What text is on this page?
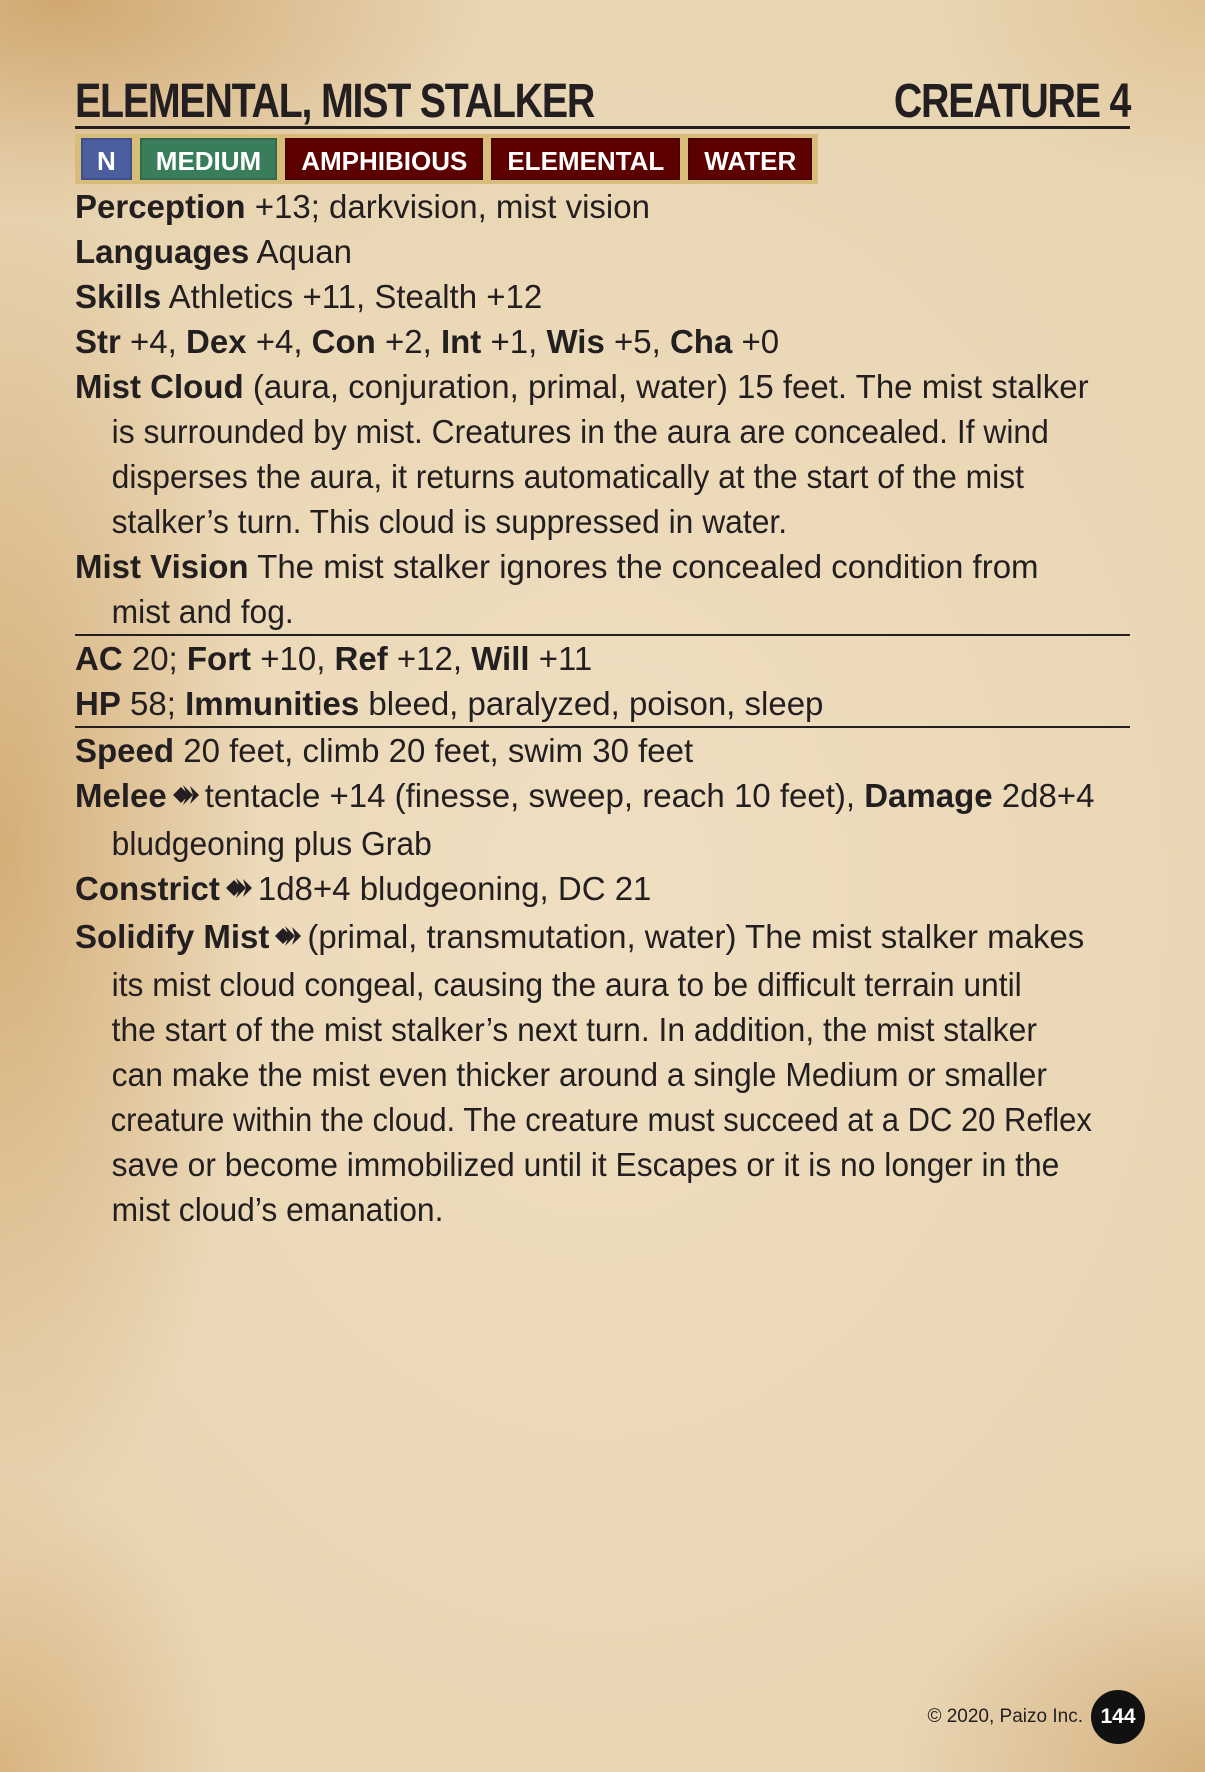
ELEMENTAL, MIST STALKER	CREATURE 4
N	MEDIUM	AMPHIBIOUS	ELEMENTAL	WATER
Perception +13; darkvision, mist vision
Languages Aquan
Skills Athletics +11, Stealth +12
Str +4, Dex +4, Con +2, Int +1, Wis +5, Cha +0
Mist Cloud (aura, conjuration, primal, water) 15 feet. The mist stalker
is surrounded by mist. Creatures in the aura are concealed. If wind
disperses the aura, it returns automatically at the start of the mist
stalker’s turn. This cloud is suppressed in water.
Mist Vision The mist stalker ignores the concealed condition from
mist and fog.
AC 20; Fort +10, Ref +12, Will +11
HP 58; Immunities bleed, paralyzed, poison, sleep
Speed 20 feet, climb 20 feet, swim 30 feet
Melee tentacle +14 (finesse, sweep, reach 10 feet), Damage 2d8+4
bludgeoning plus Grab
Constrict 1d8+4 bludgeoning, DC 21
Solidify Mist (primal, transmutation, water) The mist stalker makes
its mist cloud congeal, causing the aura to be difficult terrain until
the start of the mist stalker’s next turn. In addition, the mist stalker
can make the mist even thicker around a single Medium or smaller
creature within the cloud. The creature must succeed at a DC 20 Reflex
save or become immobilized until it Escapes or it is no longer in the
mist cloud’s emanation.
© 2020, Paizo Inc. 144
